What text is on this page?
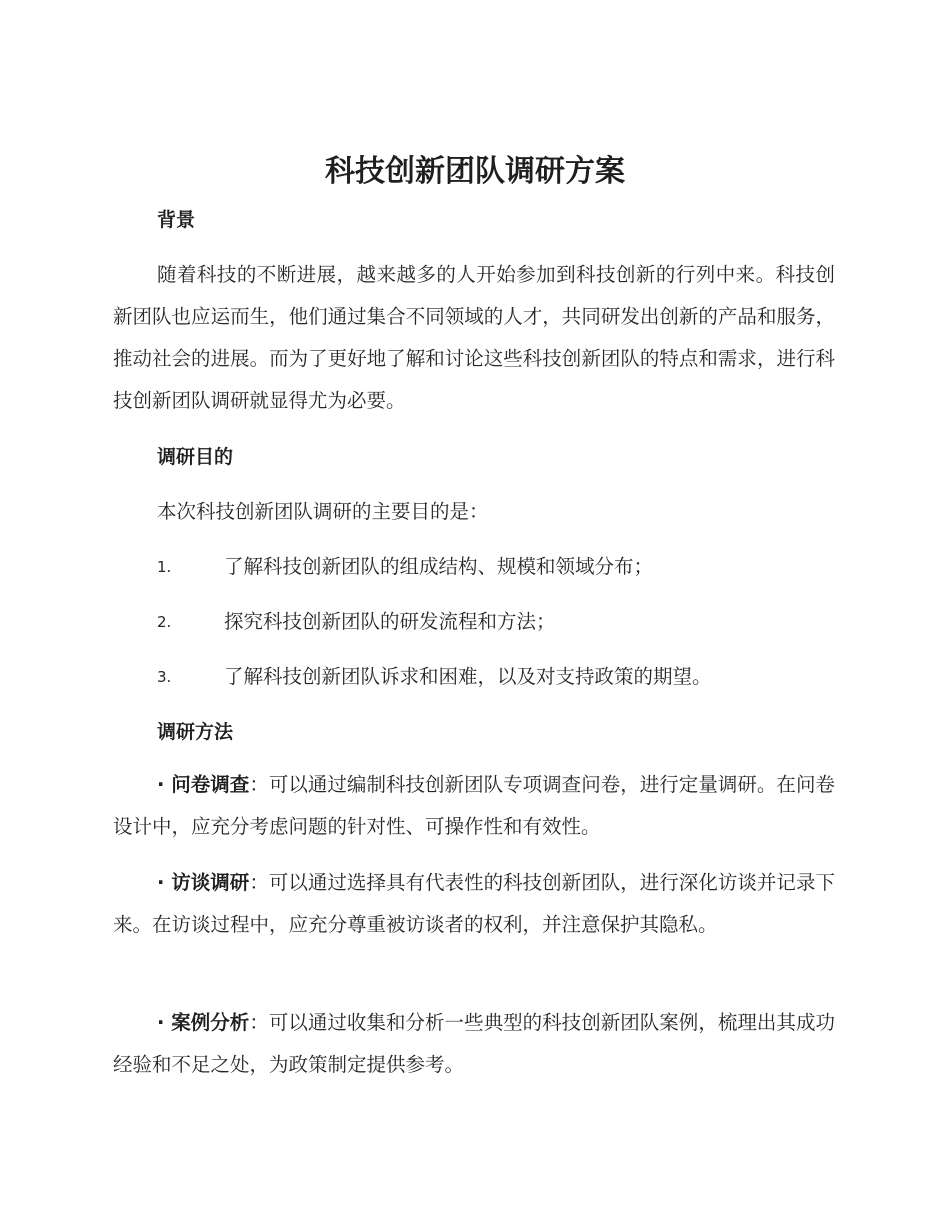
科技创新团队调研方案
背景

随着科技的不断进展，越来越多的人开始参加到科技创新的行列中来。科技创新团队也应运而生，他们通过集合不同领域的人才，共同研发出创新的产品和服务，推动社会的进展。而为了更好地了解和讨论这些科技创新团队的特点和需求，进行科技创新团队调研就显得尤为必要。

调研目的

本次科技创新团队调研的主要目的是：

1.	了解科技创新团队的组成结构、规模和领域分布；
2.	探究科技创新团队的研发流程和方法；
3.	了解科技创新团队诉求和困难，以及对支持政策的期望。
调研方法

· 问卷调查：可以通过编制科技创新团队专项调查问卷，进行定量调研。在问卷设计中，应充分考虑问题的针对性、可操作性和有效性。

· 访谈调研：可以通过选择具有代表性的科技创新团队，进行深化访谈并记录下来。在访谈过程中，应充分尊重被访谈者的权利，并注意保护其隐私。

· 案例分析：可以通过收集和分析一些典型的科技创新团队案例，梳理出其成功经验和不足之处，为政策制定提供参考。
